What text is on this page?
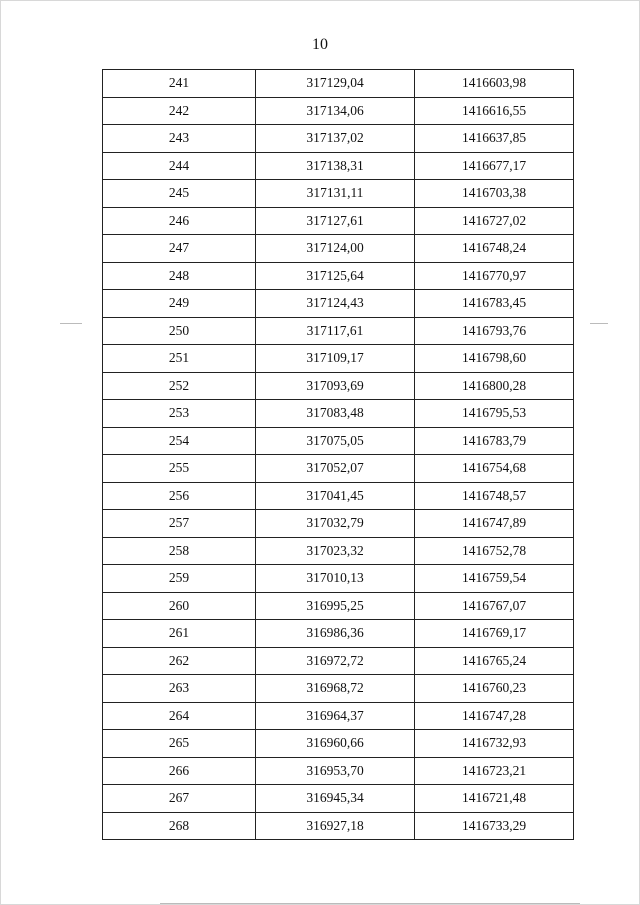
10
241	317129,04	1416603,98
242	317134,06	1416616,55
243	317137,02	1416637,85
244	317138,31	1416677,17
245	317131,11	1416703,38
246	317127,61	1416727,02
247	317124,00	1416748,24
248	317125,64	1416770,97
249	317124,43	1416783,45
250	317117,61	1416793,76
251	317109,17	1416798,60
252	317093,69	1416800,28
253	317083,48	1416795,53
254	317075,05	1416783,79
255	317052,07	1416754,68
256	317041,45	1416748,57
257	317032,79	1416747,89
258	317023,32	1416752,78
259	317010,13	1416759,54
260	316995,25	1416767,07
261	316986,36	1416769,17
262	316972,72	1416765,24
263	316968,72	1416760,23
264	316964,37	1416747,28
265	316960,66	1416732,93
266	316953,70	1416723,21
267	316945,34	1416721,48
268	316927,18	1416733,29
